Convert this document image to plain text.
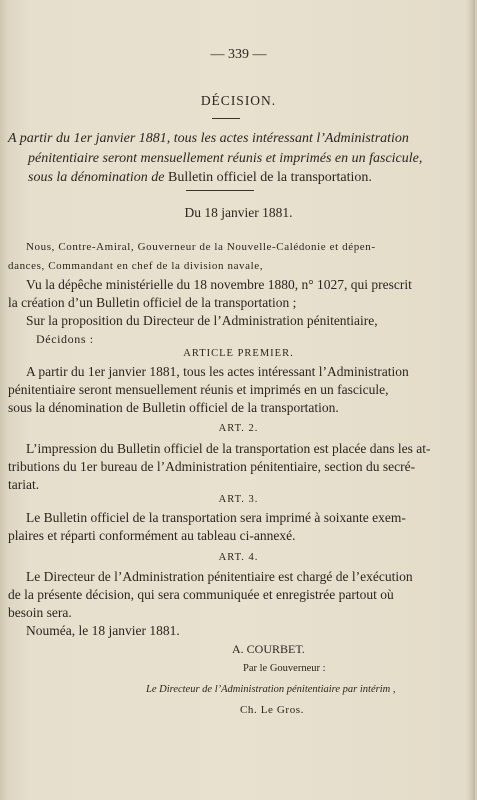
— 339 —
DÉCISION.
A partir du 1er janvier 1881, tous les actes intéressant l’Administration
pénitentiaire seront mensuellement réunis et imprimés en un fascicule,
sous la dénomination de Bulletin officiel de la transportation.
Du 18 janvier 1881.
Nous, Contre-Amiral, Gouverneur de la Nouvelle-Calédonie et dépen-
dances, Commandant en chef de la division navale,
Vu la dépêche ministérielle du 18 novembre 1880, n° 1027, qui prescrit
la création d’un Bulletin officiel de la transportation ;
Sur la proposition du Directeur de l’Administration pénitentiaire,
Décidons :
ARTICLE PREMIER.
A partir du 1er janvier 1881, tous les actes intéressant l’Administration
pénitentiaire seront mensuellement réunis et imprimés en un fascicule,
sous la dénomination de Bulletin officiel de la transportation.
ART. 2.
L’impression du Bulletin officiel de la transportation est placée dans les at-
tributions du 1er bureau de l’Administration pénitentiaire, section du secré-
tariat.
ART. 3.
Le Bulletin officiel de la transportation sera imprimé à soixante exem-
plaires et réparti conformément au tableau ci-annexé.
ART. 4.
Le Directeur de l’Administration pénitentiaire est chargé de l’exécution
de la présente décision, qui sera communiquée et enregistrée partout où
besoin sera.
Nouméa, le 18 janvier 1881.
A. COURBET.
Par le Gouverneur :
Le Directeur de l’Administration pénitentiaire par intérim ,
Ch. Le Gros.
